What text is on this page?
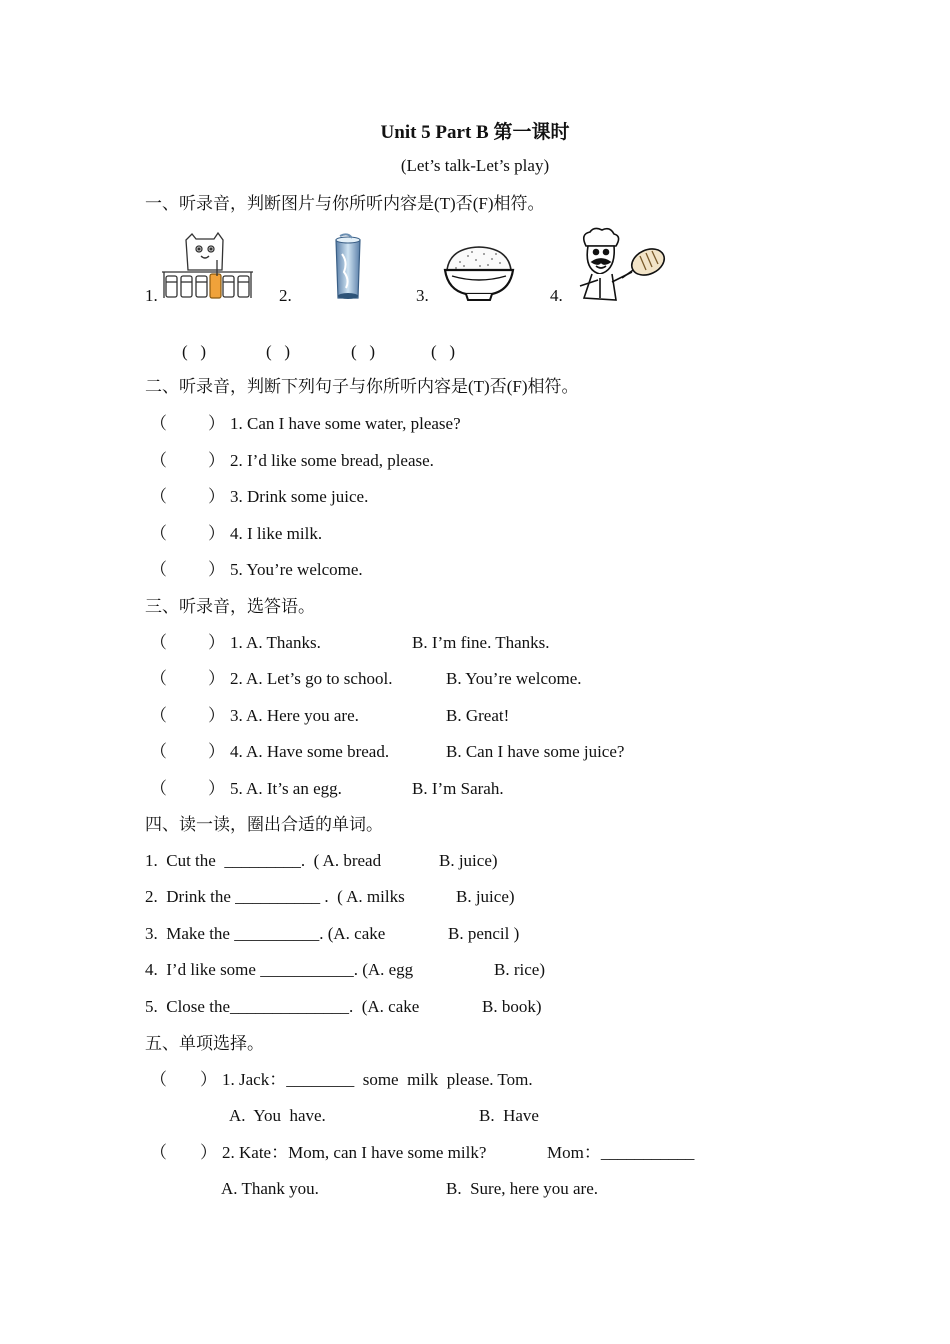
Unit 5 Part B 第一课时
(Let’s talk-Let’s play)
一、听录音，判断图片与你所听内容是(T)否(F)相符。
1.	2.	3.	4.
(   )	(   )	(   )	(   )
二、听录音，判断下列句子与你所听内容是(T)否(F)相符。
（ ） 1. Can I have some water, please?
（ ） 2. I’d like some bread, please.
（ ） 3. Drink some juice.
（ ） 4. I like milk.
（ ） 5. You’re welcome.
三、听录音，选答语。
（ ） 1. A. Thanks.	B. I’m fine. Thanks.
（ ） 2. A. Let’s go to school.	B. You’re welcome.
（ ） 3. A. Here you are.	B. Great!
（ ） 4. A. Have some bread.	B. Can I have some juice?
（ ） 5. A. It’s an egg.	B. I’m Sarah.
四、读一读，圈出合适的单词。
1.  Cut the  _________.  ( A. bread	B. juice)
2.  Drink the __________ .  ( A. milks	B. juice)
3.  Make the __________. (A. cake	B. pencil )
4.  I’d like some ___________. (A. egg	B. rice)
5.  Close the______________.  (A. cake	B. book)
五、单项选择。
（ ） 1. Jack：________  some  milk  please. Tom.
A.  You  have.	B.  Have
（ ） 2. Kate：Mom, can I have some milk?	Mom：___________
A. Thank you.	B.  Sure, here you are.
